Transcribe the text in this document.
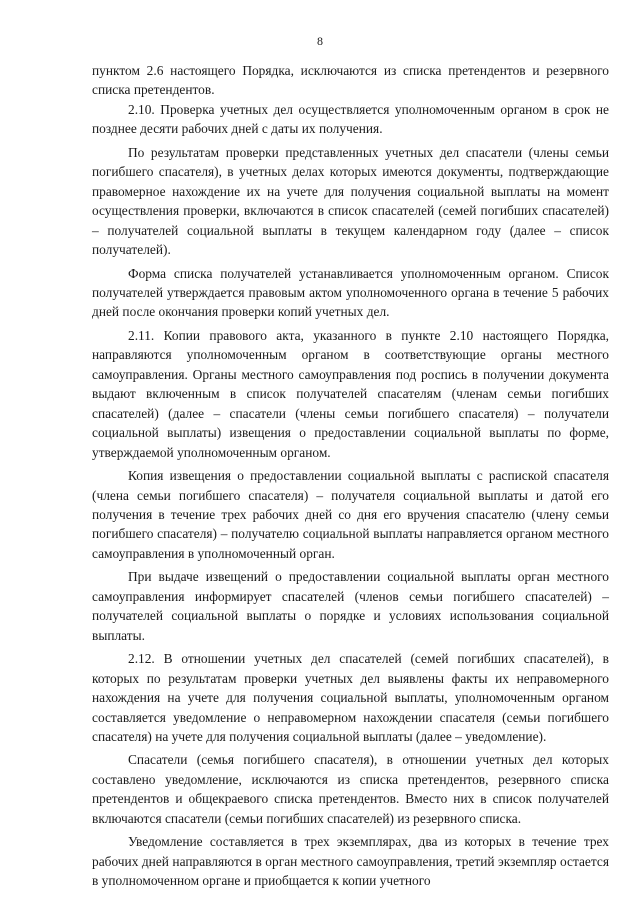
8

пунктом 2.6 настоящего Порядка, исключаются из списка претендентов и резервного списка претендентов.

2.10. Проверка учетных дел осуществляется уполномоченным органом в срок не позднее десяти рабочих дней с даты их получения.

По результатам проверки представленных учетных дел спасатели (члены семьи погибшего спасателя), в учетных делах которых имеются документы, подтверждающие правомерное нахождение их на учете для получения социальной выплаты на момент осуществления проверки, включаются в список спасателей (семей погибших спасателей) – получателей социальной выплаты в текущем календарном году (далее – список получателей).

Форма списка получателей устанавливается уполномоченным органом. Список получателей утверждается правовым актом уполномоченного органа в течение 5 рабочих дней после окончания проверки копий учетных дел.

2.11. Копии правового акта, указанного в пункте 2.10 настоящего Порядка, направляются уполномоченным органом в соответствующие органы местного самоуправления. Органы местного самоуправления под роспись в получении документа выдают включенным в список получателей спасателям (членам семьи погибших спасателей) (далее – спасатели (члены семьи погибшего спасателя) – получатели социальной выплаты) извещения о предоставлении социальной выплаты по форме, утверждаемой уполномоченным органом.

Копия извещения о предоставлении социальной выплаты с распиской спасателя (члена семьи погибшего спасателя) – получателя социальной выплаты и датой его получения в течение трех рабочих дней со дня его вручения спасателю (члену семьи погибшего спасателя) – получателю социальной выплаты направляется органом местного самоуправления в уполномоченный орган.

При выдаче извещений о предоставлении социальной выплаты орган местного самоуправления информирует спасателей (членов семьи погибшего спасателей) – получателей социальной выплаты о порядке и условиях использования социальной выплаты.

2.12. В отношении учетных дел спасателей (семей погибших спасателей), в которых по результатам проверки учетных дел выявлены факты их неправомерного нахождения на учете для получения социальной выплаты, уполномоченным органом составляется уведомление о неправомерном нахождении спасателя (семьи погибшего спасателя) на учете для получения социальной выплаты (далее – уведомление).

Спасатели (семья погибшего спасателя), в отношении учетных дел которых составлено уведомление, исключаются из списка претендентов, резервного списка претендентов и общекраевого списка претендентов. Вместо них в список получателей включаются спасатели (семьи погибших спасателей) из резервного списка.

Уведомление составляется в трех экземплярах, два из которых в течение трех рабочих дней направляются в орган местного самоуправления, третий экземпляр остается в уполномоченном органе и приобщается к копии учетного
